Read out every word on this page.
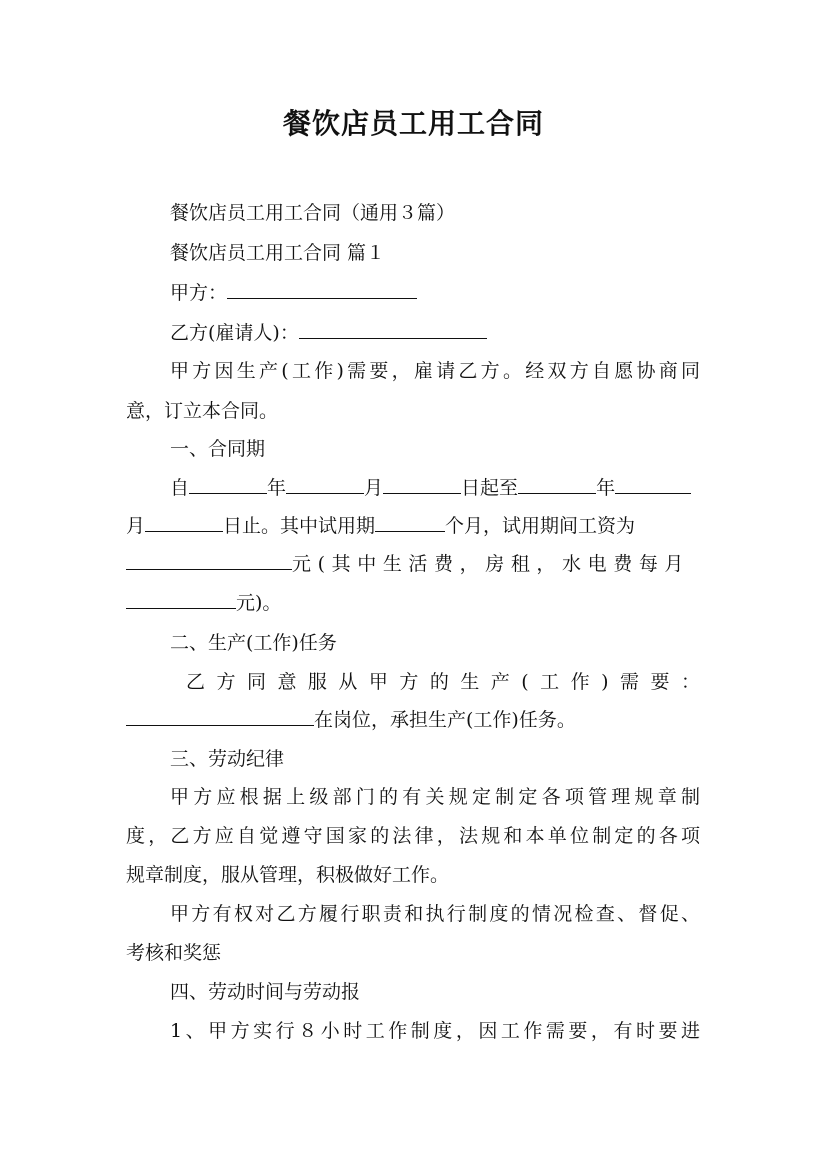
餐饮店员工用工合同
餐饮店员工用工合同（通用３篇）
餐饮店员工用工合同 篇１
甲方：
乙方(雇请人)：
甲方因生产(工作)需要，雇请乙方。经双方自愿协商同
意，订立本合同。
一、合同期
自	年	月	日起至	年
月	日止。其中试用期	个月，试用期间工资为
元(其中生活费，房租，水电费每月
元)。
二、生产(工作)任务
乙方同意服从甲方的生产(工作)需要：
在岗位，承担生产(工作)任务。
三、劳动纪律
甲方应根据上级部门的有关规定制定各项管理规章制
度，乙方应自觉遵守国家的法律，法规和本单位制定的各项
规章制度，服从管理，积极做好工作。
甲方有权对乙方履行职责和执行制度的情况检查、督促、
考核和奖惩
四、劳动时间与劳动报
1、甲方实行８小时工作制度，因工作需要，有时要进
